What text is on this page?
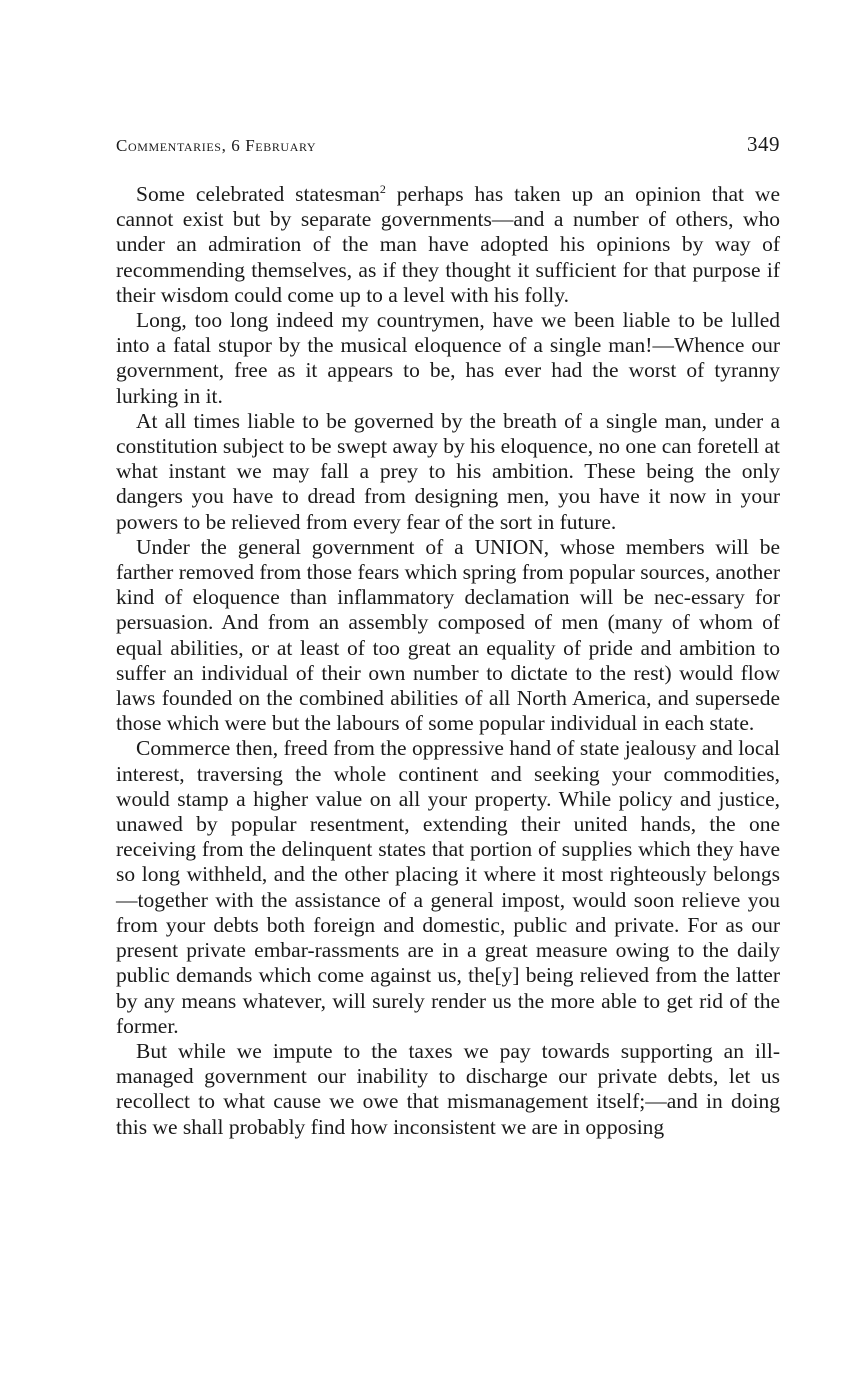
Commentaries, 6 February	349

Some celebrated statesman$^2$ perhaps has taken up an opinion that we cannot exist but by separate governments—and a number of others, who under an admiration of the man have adopted his opinions by way of recommending themselves, as if they thought it sufficient for that purpose if their wisdom could come up to a level with his folly.

Long, too long indeed my countrymen, have we been liable to be lulled into a fatal stupor by the musical eloquence of a single man!—Whence our government, free as it appears to be, has ever had the worst of tyranny lurking in it.

At all times liable to be governed by the breath of a single man, under a constitution subject to be swept away by his eloquence, no one can foretell at what instant we may fall a prey to his ambition. These being the only dangers you have to dread from designing men, you have it now in your powers to be relieved from every fear of the sort in future.

Under the general government of a UNION, whose members will be farther removed from those fears which spring from popular sources, another kind of eloquence than inflammatory declamation will be nec-essary for persuasion. And from an assembly composed of men (many of whom of equal abilities, or at least of too great an equality of pride and ambition to suffer an individual of their own number to dictate to the rest) would flow laws founded on the combined abilities of all North America, and supersede those which were but the labours of some popular individual in each state.

Commerce then, freed from the oppressive hand of state jealousy and local interest, traversing the whole continent and seeking your commodities, would stamp a higher value on all your property. While policy and justice, unawed by popular resentment, extending their united hands, the one receiving from the delinquent states that portion of supplies which they have so long withheld, and the other placing it where it most righteously belongs—together with the assistance of a general impost, would soon relieve you from your debts both foreign and domestic, public and private. For as our present private embar-rassments are in a great measure owing to the daily public demands which come against us, the[y] being relieved from the latter by any means whatever, will surely render us the more able to get rid of the former.

But while we impute to the taxes we pay towards supporting an ill-managed government our inability to discharge our private debts, let us recollect to what cause we owe that mismanagement itself;—and in doing this we shall probably find how inconsistent we are in opposing
